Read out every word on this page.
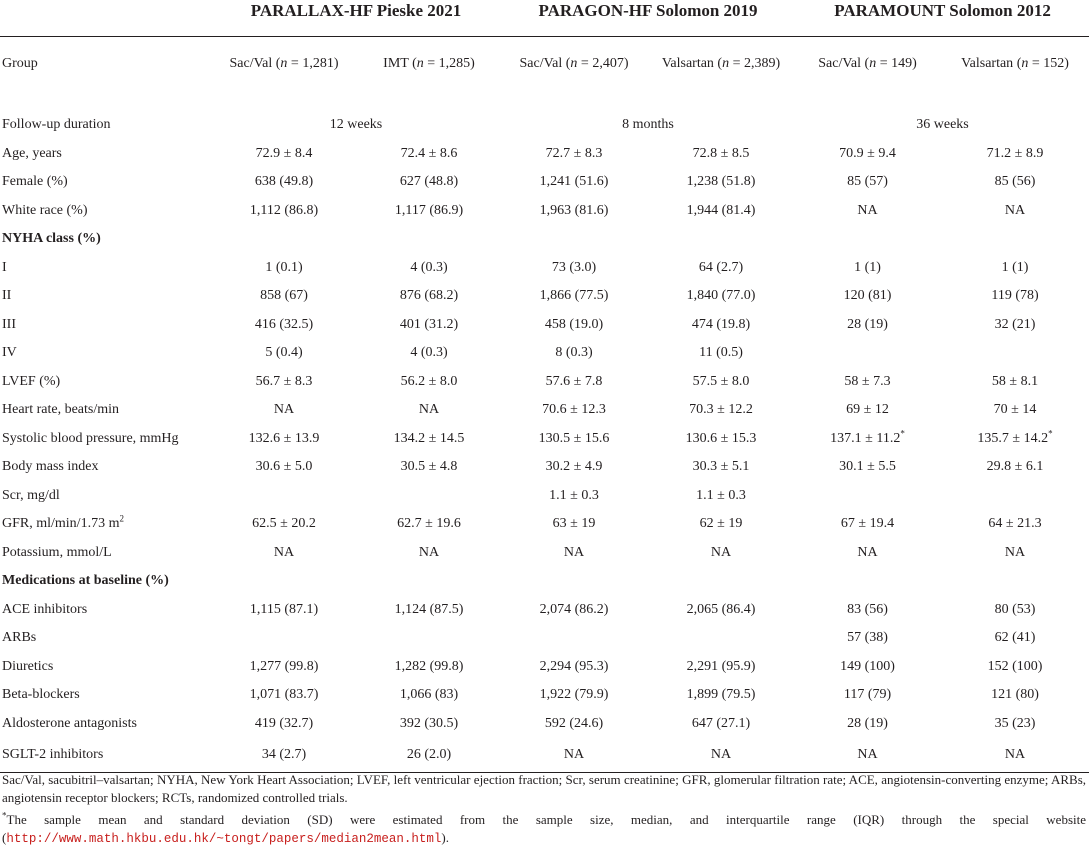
	PARALLAX-HF Pieske 2021		PARAGON-HF Solomon 2019		PARAMOUNT Solomon 2012	
Group	Sac/Val (n = 1,281)	IMT (n = 1,285)	Sac/Val (n = 2,407)	Valsartan (n = 2,389)	Sac/Val (n = 149)	Valsartan (n = 152)
Follow-up duration	12 weeks		8 months		36 weeks	
Age, years	72.9 ± 8.4	72.4 ± 8.6	72.7 ± 8.3	72.8 ± 8.5	70.9 ± 9.4	71.2 ± 8.9
Female (%)	638 (49.8)	627 (48.8)	1,241 (51.6)	1,238 (51.8)	85 (57)	85 (56)
White race (%)	1,112 (86.8)	1,117 (86.9)	1,963 (81.6)	1,944 (81.4)	NA	NA
NYHA class (%)						
I	1 (0.1)	4 (0.3)	73 (3.0)	64 (2.7)	1 (1)	1 (1)
II	858 (67)	876 (68.2)	1,866 (77.5)	1,840 (77.0)	120 (81)	119 (78)
III	416 (32.5)	401 (31.2)	458 (19.0)	474 (19.8)	28 (19)	32 (21)
IV	5 (0.4)	4 (0.3)	8 (0.3)	11 (0.5)		
LVEF (%)	56.7 ± 8.3	56.2 ± 8.0	57.6 ± 7.8	57.5 ± 8.0	58 ± 7.3	58 ± 8.1
Heart rate, beats/min	NA	NA	70.6 ± 12.3	70.3 ± 12.2	69 ± 12	70 ± 14
Systolic blood pressure, mmHg	132.6 ± 13.9	134.2 ± 14.5	130.5 ± 15.6	130.6 ± 15.3	137.1 ± 11.2*	135.7 ± 14.2*
Body mass index	30.6 ± 5.0	30.5 ± 4.8	30.2 ± 4.9	30.3 ± 5.1	30.1 ± 5.5	29.8 ± 6.1
Scr, mg/dl			1.1 ± 0.3	1.1 ± 0.3		
GFR, ml/min/1.73 $m^2$	62.5 ± 20.2	62.7 ± 19.6	63 ± 19	62 ± 19	67 ± 19.4	64 ± 21.3
Potassium, mmol/L	NA	NA	NA	NA	NA	NA
Medications at baseline (%)						
ACE inhibitors	1,115 (87.1)	1,124 (87.5)	2,074 (86.2)	2,065 (86.4)	83 (56)	80 (53)
ARBs					57 (38)	62 (41)
Diuretics	1,277 (99.8)	1,282 (99.8)	2,294 (95.3)	2,291 (95.9)	149 (100)	152 (100)
Beta-blockers	1,071 (83.7)	1,066 (83)	1,922 (79.9)	1,899 (79.5)	117 (79)	121 (80)
Aldosterone antagonists	419 (32.7)	392 (30.5)	592 (24.6)	647 (27.1)	28 (19)	35 (23)
SGLT-2 inhibitors	34 (2.7)	26 (2.0)	NA	NA	NA	NA

Sac/Val, sacubitril–valsartan; NYHA, New York Heart Association; LVEF, left ventricular ejection fraction; Scr, serum creatinine; GFR, glomerular filtration rate; ACE, angiotensin-converting enzyme; ARBs, angiotensin receptor blockers; RCTs, randomized controlled trials.

*The sample mean and standard deviation (SD) were estimated from the sample size, median, and interquartile range (IQR) through the special website (http://www.math.hkbu.edu.hk/~tongt/papers/median2mean.html).
